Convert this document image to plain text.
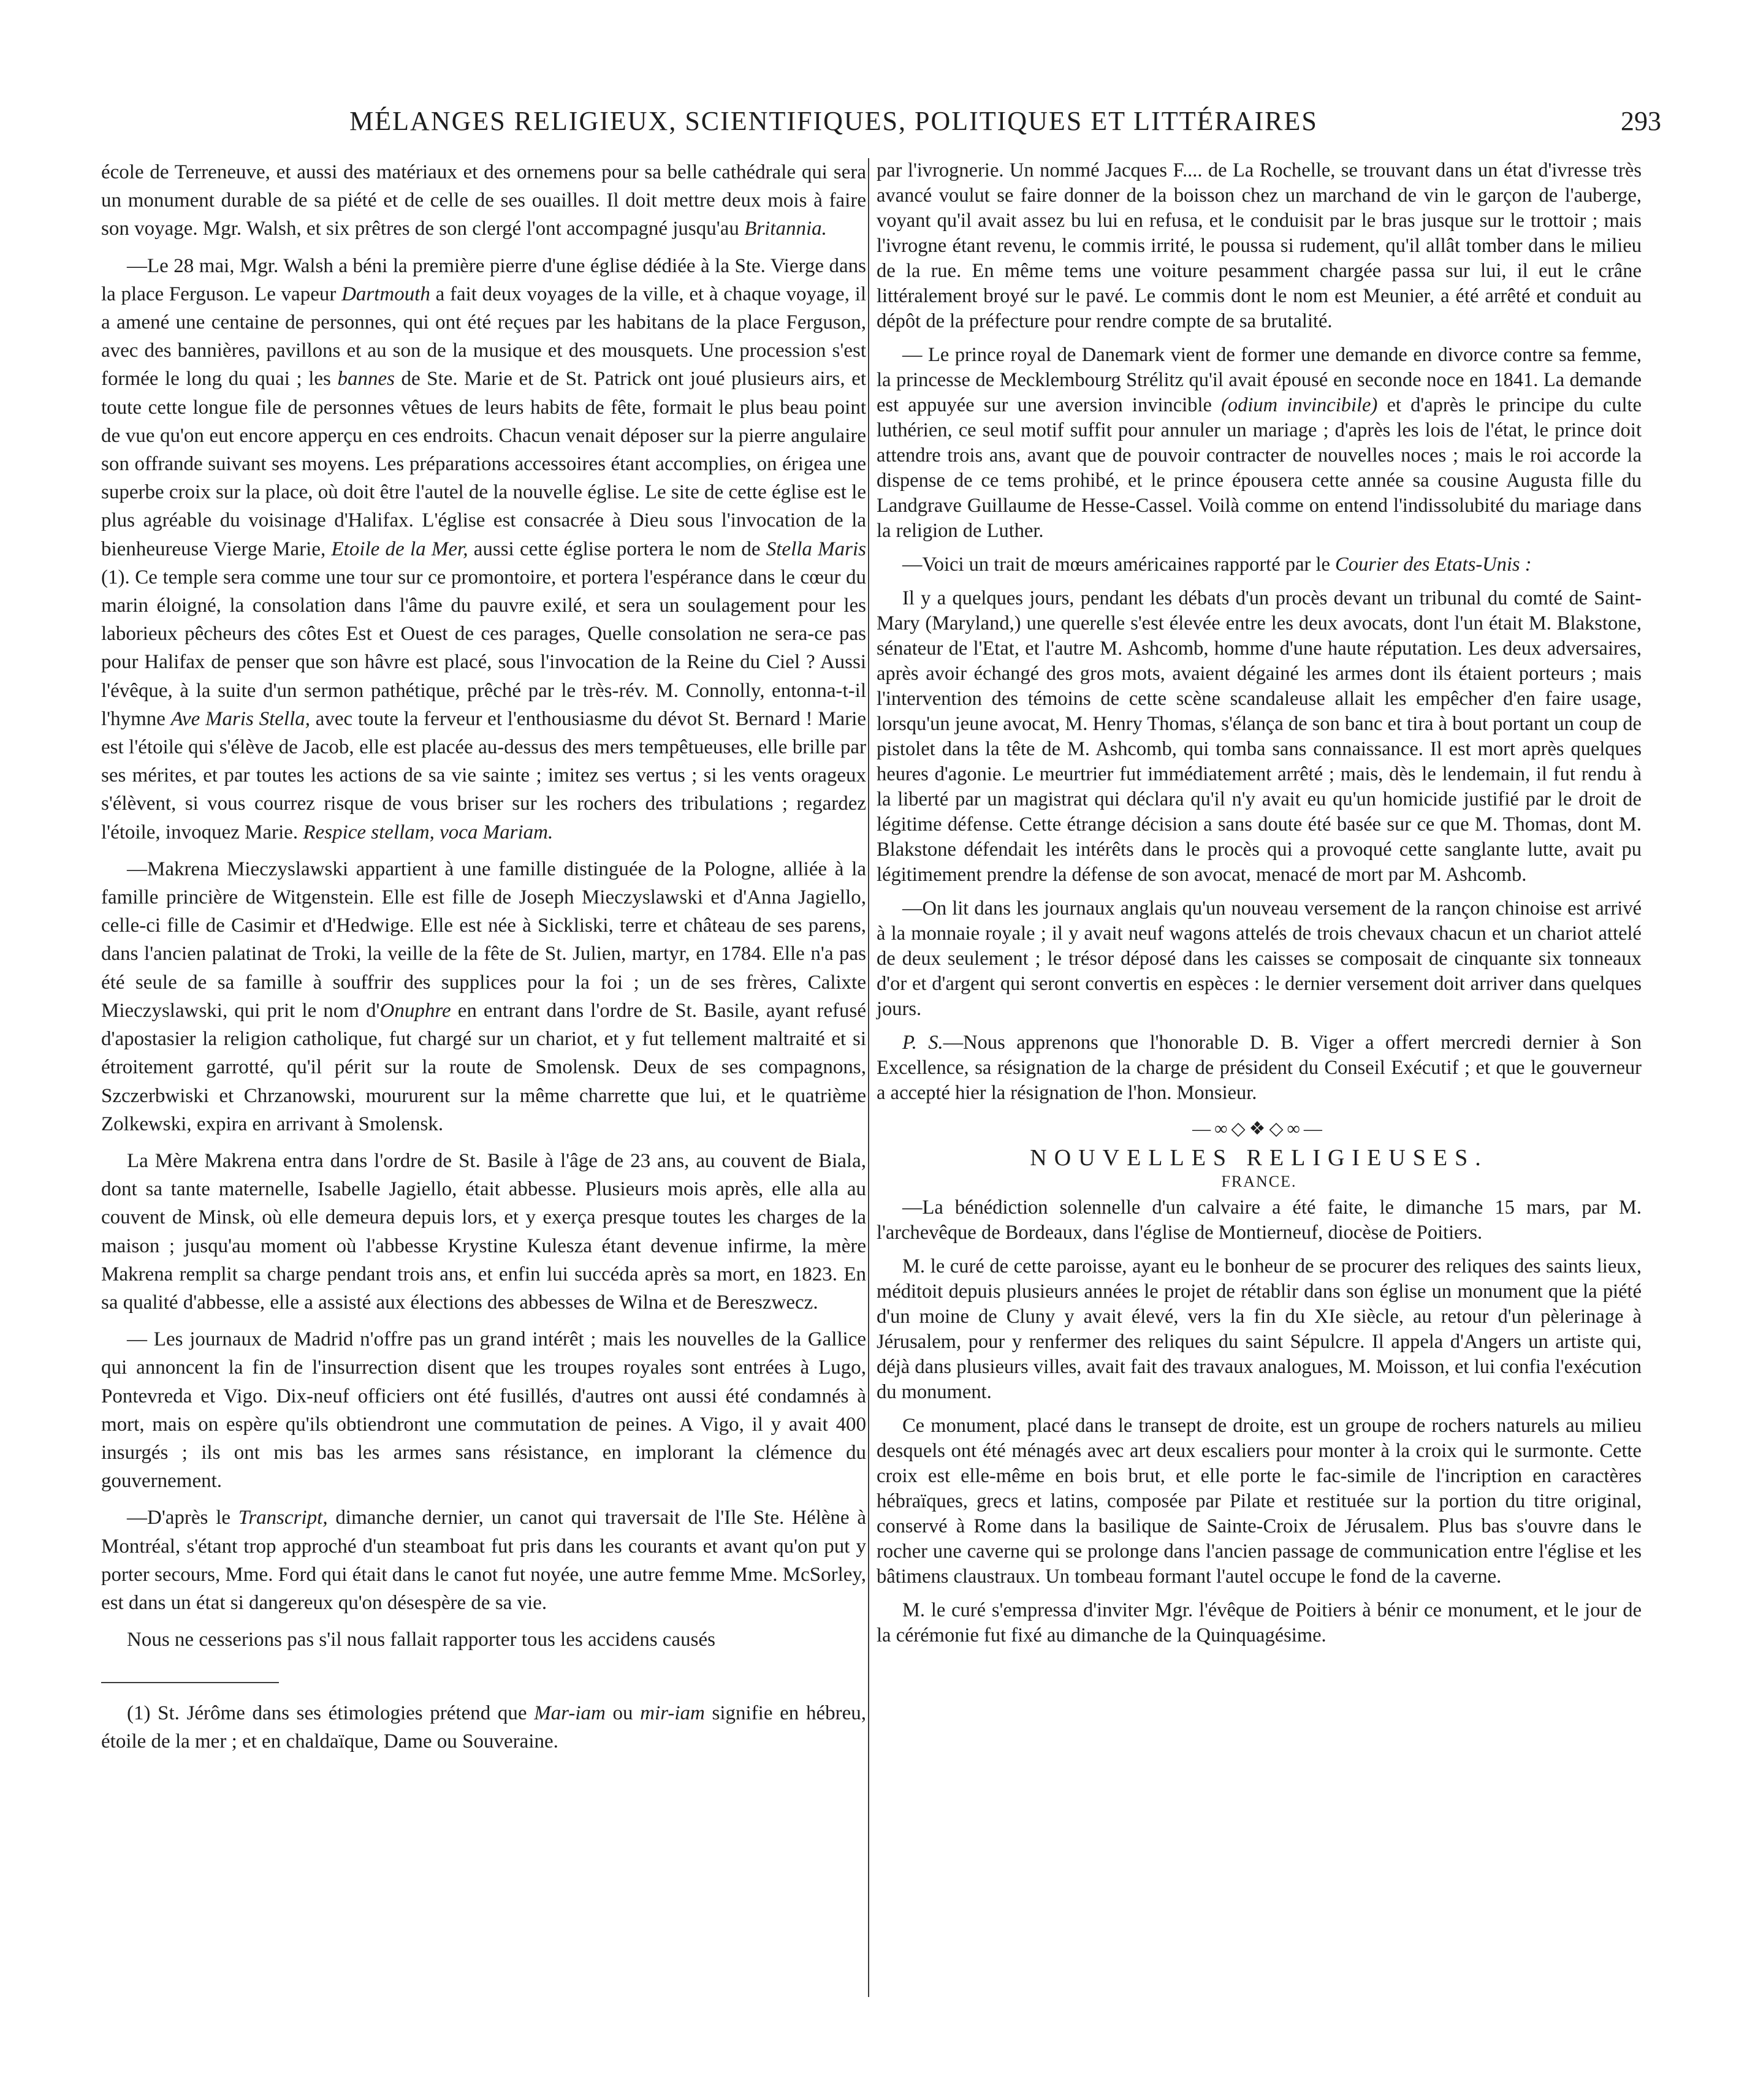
MÉLANGES RELIGIEUX, SCIENTIFIQUES, POLITIQUES ET LITTÉRAIRES	293

école de Terreneuve, et aussi des matériaux et des ornemens pour sa belle cathédrale qui sera un monument durable de sa piété et de celle de ses ouailles. Il doit mettre deux mois à faire son voyage. Mgr. Walsh, et six prêtres de son clergé l'ont accompagné jusqu'au Britannia.

—Le 28 mai, Mgr. Walsh a béni la première pierre d'une église dédiée à la Ste. Vierge dans la place Ferguson. Le vapeur Dartmouth a fait deux voyages de la ville, et à chaque voyage, il a amené une centaine de personnes, qui ont été reçues par les habitans de la place Ferguson, avec des bannières, pavillons et au son de la musique et des mousquets. Une procession s'est formée le long du quai ; les bannes de Ste. Marie et de St. Patrick ont joué plusieurs airs, et toute cette longue file de personnes vêtues de leurs habits de fête, formait le plus beau point de vue qu'on eut encore apperçu en ces endroits. Chacun venait déposer sur la pierre angulaire son offrande suivant ses moyens. Les préparations accessoires étant accomplies, on érigea une superbe croix sur la place, où doit être l'autel de la nouvelle église. Le site de cette église est le plus agréable du voisinage d'Halifax. L'église est consacrée à Dieu sous l'invocation de la bienheureuse Vierge Marie, Etoile de la Mer, aussi cette église portera le nom de Stella Maris (1). Ce temple sera comme une tour sur ce promontoire, et portera l'espérance dans le cœur du marin éloigné, la consolation dans l'âme du pauvre exilé, et sera un soulagement pour les laborieux pêcheurs des côtes Est et Ouest de ces parages, Quelle consolation ne sera-ce pas pour Halifax de penser que son hâvre est placé, sous l'invocation de la Reine du Ciel ? Aussi l'évêque, à la suite d'un sermon pathétique, prêché par le très-rév. M. Connolly, entonna-t-il l'hymne Ave Maris Stella, avec toute la ferveur et l'enthousiasme du dévot St. Bernard ! Marie est l'étoile qui s'élève de Jacob, elle est placée au-dessus des mers tempêtueuses, elle brille par ses mérites, et par toutes les actions de sa vie sainte ; imitez ses vertus ; si les vents orageux s'élèvent, si vous courrez risque de vous briser sur les rochers des tribulations ; regardez l'étoile, invoquez Marie. Respice stellam, voca Mariam.

—Makrena Mieczyslawski appartient à une famille distinguée de la Pologne, alliée à la famille princière de Witgenstein. Elle est fille de Joseph Mieczyslawski et d'Anna Jagiello, celle-ci fille de Casimir et d'Hedwige. Elle est née à Sickliski, terre et château de ses parens, dans l'ancien palatinat de Troki, la veille de la fête de St. Julien, martyr, en 1784. Elle n'a pas été seule de sa famille à souffrir des supplices pour la foi ; un de ses frères, Calixte Mieczyslawski, qui prit le nom d'Onuphre en entrant dans l'ordre de St. Basile, ayant refusé d'apostasier la religion catholique, fut chargé sur un chariot, et y fut tellement maltraité et si étroitement garrotté, qu'il périt sur la route de Smolensk. Deux de ses compagnons, Szczerbwiski et Chrzanowski, moururent sur la même charrette que lui, et le quatrième Zolkewski, expira en arrivant à Smolensk.

La Mère Makrena entra dans l'ordre de St. Basile à l'âge de 23 ans, au couvent de Biala, dont sa tante maternelle, Isabelle Jagiello, était abbesse. Plusieurs mois après, elle alla au couvent de Minsk, où elle demeura depuis lors, et y exerça presque toutes les charges de la maison ; jusqu'au moment où l'abbesse Krystine Kuleszа étant devenue infirme, la mère Makrena remplit sa charge pendant trois ans, et enfin lui succéda après sa mort, en 1823. En sa qualité d'abbesse, elle a assisté aux élections des abbesses de Wilna et de Bereszwecz.

— Les journaux de Madrid n'offre pas un grand intérêt ; mais les nouvelles de la Gallice qui annoncent la fin de l'insurrection disent que les troupes royales sont entrées à Lugo, Pontevreda et Vigo. Dix-neuf officiers ont été fusillés, d'autres ont aussi été condamnés à mort, mais on espère qu'ils obtiendront une commutation de peines. A Vigo, il y avait 400 insurgés ; ils ont mis bas les armes sans résistance, en implorant la clémence du gouvernement.

—D'après le Transcript, dimanche dernier, un canot qui traversait de l'Ile Ste. Hélène à Montréal, s'étant trop approché d'un steamboat fut pris dans les courants et avant qu'on put y porter secours, Mme. Ford qui était dans le canot fut noyée, une autre femme Mme. McSorley, est dans un état si dangereux qu'on désespère de sa vie.

Nous ne cesserions pas s'il nous fallait rapporter tous les accidens causés

(1) St. Jérôme dans ses étimologies prétend que Mar-iam ou mir-iam signifie en hébreu, étoile de la mer ; et en chaldaïque, Dame ou Souveraine.

par l'ivrognerie. Un nommé Jacques F.... de La Rochelle, se trouvant dans un état d'ivresse très avancé voulut se faire donner de la boisson chez un marchand de vin le garçon de l'auberge, voyant qu'il avait assez bu lui en refusa, et le conduisit par le bras jusque sur le trottoir ; mais l'ivrogne étant revenu, le commis irrité, le poussa si rudement, qu'il allât tomber dans le milieu de la rue. En même tems une voiture pesamment chargée passa sur lui, il eut le crâne littéralement broyé sur le pavé. Le commis dont le nom est Meunier, a été arrêté et conduit au dépôt de la préfecture pour rendre compte de sa brutalité.

— Le prince royal de Danemark vient de former une demande en divorce contre sa femme, la princesse de Mecklembourg Strélitz qu'il avait épousé en seconde noce en 1841. La demande est appuyée sur une aversion invincible (odium invincibile) et d'après le principe du culte luthérien, ce seul motif suffit pour annuler un mariage ; d'après les lois de l'état, le prince doit attendre trois ans, avant que de pouvoir contracter de nouvelles noces ; mais le roi accorde la dispense de ce tems prohibé, et le prince épousera cette année sa cousine Augusta fille du Landgrave Guillaume de Hesse-Cassel. Voilà comme on entend l'indissolubité du mariage dans la religion de Luther.

—Voici un trait de mœurs américaines rapporté par le Courier des Etats-Unis :

Il y a quelques jours, pendant les débats d'un procès devant un tribunal du comté de Saint-Mary (Maryland,) une querelle s'est élevée entre les deux avocats, dont l'un était M. Blakstone, sénateur de l'Etat, et l'autre M. Ashcomb, homme d'une haute réputation. Les deux adversaires, après avoir échangé des gros mots, avaient dégainé les armes dont ils étaient porteurs ; mais l'intervention des témoins de cette scène scandaleuse allait les empêcher d'en faire usage, lorsqu'un jeune avocat, M. Henry Thomas, s'élança de son banc et tira à bout portant un coup de pistolet dans la tête de M. Ashcomb, qui tomba sans connaissance. Il est mort après quelques heures d'agonie. Le meurtrier fut immédiatement arrêté ; mais, dès le lendemain, il fut rendu à la liberté par un magistrat qui déclara qu'il n'y avait eu qu'un homicide justifié par le droit de légitime défense. Cette étrange décision a sans doute été basée sur ce que M. Thomas, dont M. Blakstone défendait les intérêts dans le procès qui a provoqué cette sanglante lutte, avait pu légitimement prendre la défense de son avocat, menacé de mort par M. Ashcomb.

—On lit dans les journaux anglais qu'un nouveau versement de la rançon chinoise est arrivé à la monnaie royale ; il y avait neuf wagons attelés de trois chevaux chacun et un chariot attelé de deux seulement ; le trésor déposé dans les caisses se composait de cinquante six tonneaux d'or et d'argent qui seront convertis en espèces : le dernier versement doit arriver dans quelques jours.

P. S.—Nous apprenons que l'honorable D. B. Viger a offert mercredi dernier à Son Excellence, sa résignation de la charge de président du Conseil Exécutif ; et que le gouverneur a accepté hier la résignation de l'hon. Monsieur.

—∞◇❖◇∞—
NOUVELLES RELIGIEUSES.
FRANCE.

—La bénédiction solennelle d'un calvaire a été faite, le dimanche 15 mars, par M. l'archevêque de Bordeaux, dans l'église de Montierneuf, diocèse de Poitiers.

M. le curé de cette paroisse, ayant eu le bonheur de se procurer des reliques des saints lieux, méditoit depuis plusieurs années le projet de rétablir dans son église un monument que la piété d'un moine de Cluny y avait élevé, vers la fin du XIe siècle, au retour d'un pèlerinage à Jérusalem, pour y renfermer des reliques du saint Sépulcre. Il appela d'Angers un artiste qui, déjà dans plusieurs villes, avait fait des travaux analogues, M. Moisson, et lui confia l'exécution du monument.

Ce monument, placé dans le transept de droite, est un groupe de rochers naturels au milieu desquels ont été ménagés avec art deux escaliers pour monter à la croix qui le surmonte. Cette croix est elle-même en bois brut, et elle porte le fac-simile de l'incription en caractères hébraïques, grecs et latins, composée par Pilate et restituée sur la portion du titre original, conservé à Rome dans la basilique de Sainte-Croix de Jérusalem. Plus bas s'ouvre dans le rocher une caverne qui se prolonge dans l'ancien passage de communication entre l'église et les bâtimens claustraux. Un tombeau formant l'autel occupe le fond de la caverne.

M. le curé s'empressa d'inviter Mgr. l'évêque de Poitiers à bénir ce monument, et le jour de la cérémonie fut fixé au dimanche de la Quinquagésime.
